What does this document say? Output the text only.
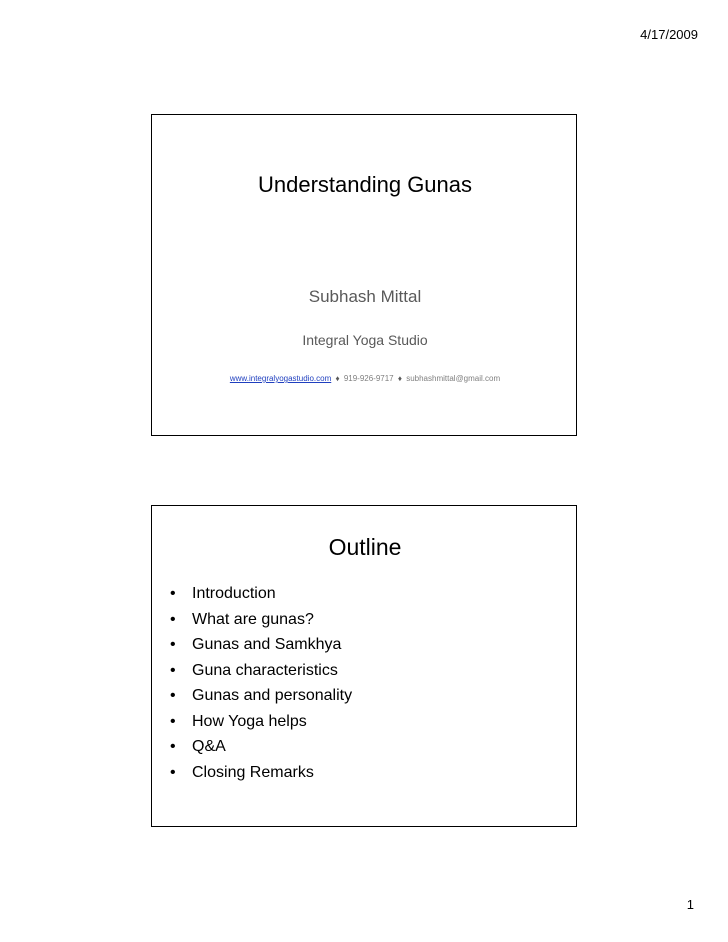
4/17/2009
Understanding Gunas
Subhash Mittal
Integral Yoga Studio
www.integralyogastudio.com ♦ 919-926-9717 ♦ subhashmittal@gmail.com
Outline
• Introduction
• What are gunas?
• Gunas and Samkhya
• Guna characteristics
• Gunas and personality
• How Yoga helps
• Q&A
• Closing Remarks
1
